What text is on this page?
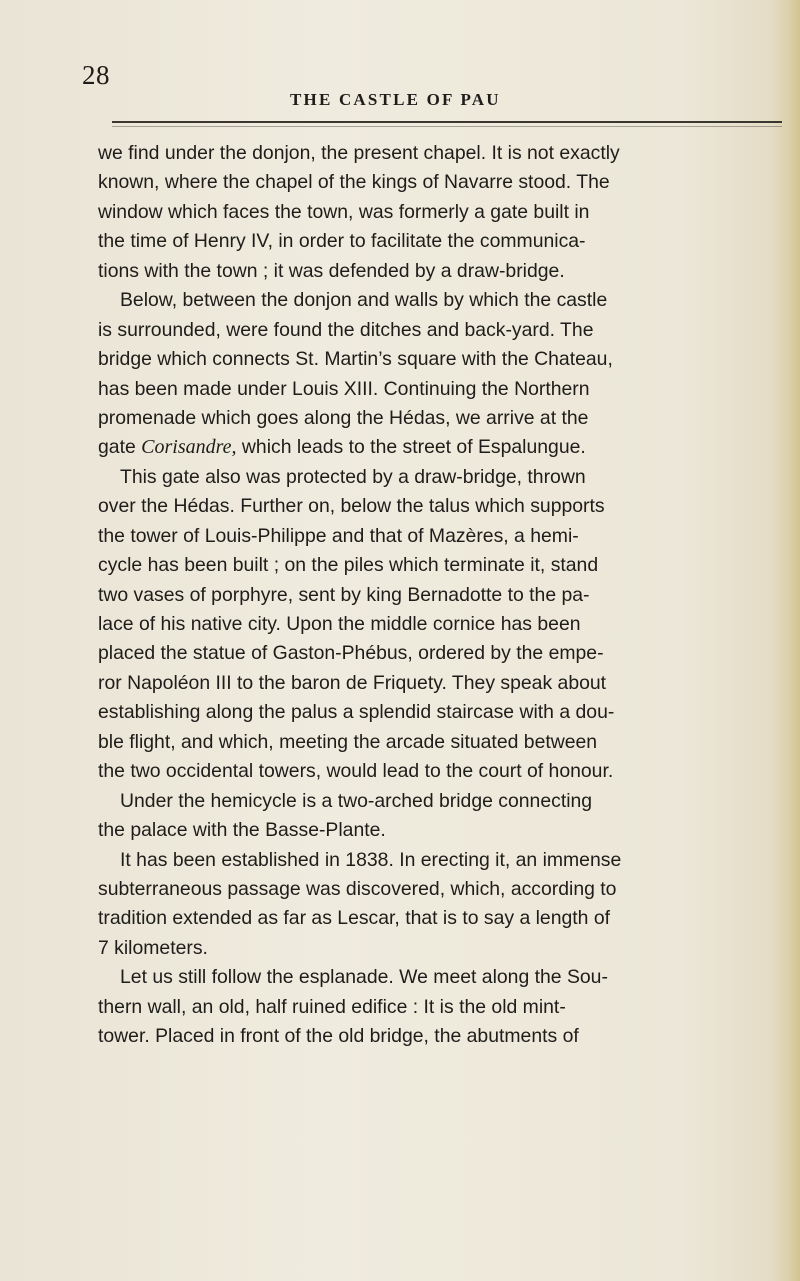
28
THE CASTLE OF PAU
we find under the donjon, the present chapel. It is not exactly
known, where the chapel of the kings of Navarre stood. The
window which faces the town, was formerly a gate built in
the time of Henry IV, in order to facilitate the communica-
tions with the town ; it was defended by a draw-bridge.
Below, between the donjon and walls by which the castle
is surrounded, were found the ditches and back-yard. The
bridge which connects St. Martin’s square with the Chateau,
has been made under Louis XIII. Continuing the Northern
promenade which goes along the Hédas, we arrive at the
gate Corisandre, which leads to the street of Espalungue.
This gate also was protected by a draw-bridge, thrown
over the Hédas. Further on, below the talus which supports
the tower of Louis-Philippe and that of Mazères, a hemi-
cycle has been built ; on the piles which terminate it, stand
two vases of porphyre, sent by king Bernadotte to the pa-
lace of his native city. Upon the middle cornice has been
placed the statue of Gaston-Phébus, ordered by the empe-
ror Napoléon III to the baron de Friquety. They speak about
establishing along the palus a splendid staircase with a dou-
ble flight, and which, meeting the arcade situated between
the two occidental towers, would lead to the court of honour.
Under the hemicycle is a two-arched bridge connecting
the palace with the Basse-Plante.
It has been established in 1838. In erecting it, an immense
subterraneous passage was discovered, which, according to
tradition extended as far as Lescar, that is to say a length of
7 kilometers.
Let us still follow the esplanade. We meet along the Sou-
thern wall, an old, half ruined edifice : It is the old mint-
tower. Placed in front of the old bridge, the abutments of
